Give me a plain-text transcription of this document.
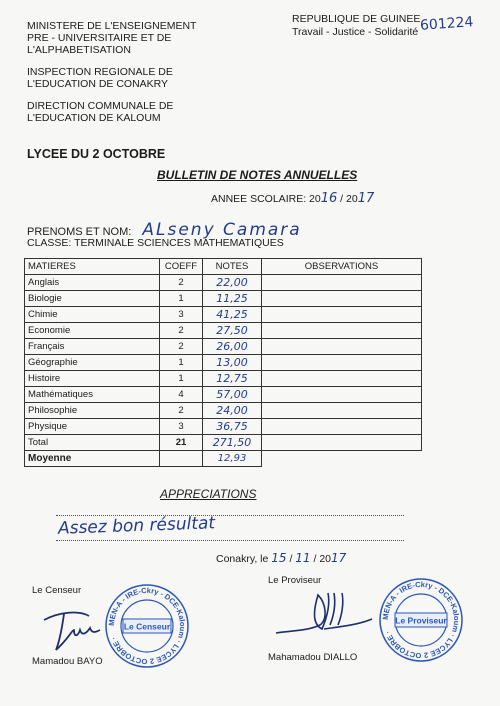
MINISTERE DE L'ENSEIGNEMENT
PRE - UNIVERSITAIRE ET DE
L'ALPHABETISATION
INSPECTION REGIONALE DE
L'EDUCATION DE CONAKRY
DIRECTION COMMUNALE DE
L'EDUCATION DE KALOUM
REPUBLIQUE DE GUINEE
Travail - Justice - Solidarité 601224
LYCEE DU 2 OCTOBRE
BULLETIN DE NOTES ANNUELLES
ANNEE SCOLAIRE: 2016 / 2017
PRENOMS ET NOM: ALseny Camara
CLASSE: TERMINALE SCIENCES MATHEMATIQUES
MATIERES	COEFF	NOTES	OBSERVATIONS
Anglais	2	22,00	
Biologie	1	11,25	
Chimie	3	41,25	
Economie	2	27,50	
Français	2	26,00	
Géographie	1	13,00	
Histoire	1	12,75	
Mathématiques	4	57,00	
Philosophie	2	24,00	
Physique	3	36,75	
Total	21	271,50	
Moyenne		12,93	
APPRECIATIONS
Assez bon résultat
Conakry, le 15 / 11 / 2017
Le Censeur
Le Proviseur
MEN-A - IRE-Ckry - DCE-Kaloum · LYCEE 2 OCTOBRE ·
Le Censeur
MEN-A - IRE-Ckry - DCE-Kaloum · LYCEE 2 OCTOBRE ·
Le Proviseur
Mamadou BAYO	Mahamadou DIALLO
